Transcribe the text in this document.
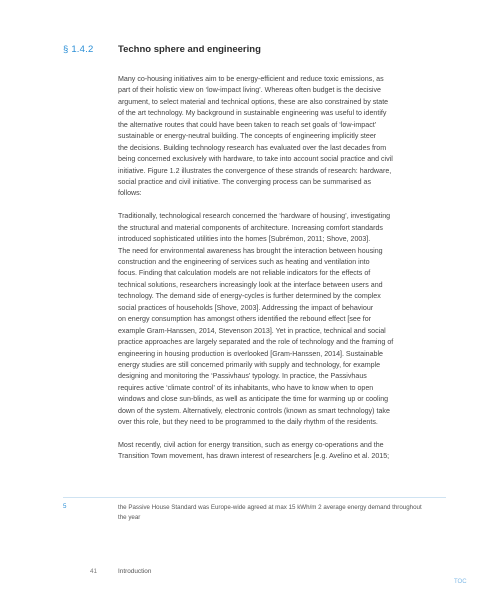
§ 1.4.2	Techno sphere and engineering
Many co-housing initiatives aim to be energy-efficient and reduce toxic emissions, as
part of their holistic view on ‘low-impact living’. Whereas often budget is the decisive
argument, to select material and technical options, these are also constrained by state
of the art technology. My background in sustainable engineering was useful to identify
the alternative routes that could have been taken to reach set goals of ‘low-impact’
sustainable or energy-neutral building. The concepts of engineering implicitly steer
the decisions. Building technology research has evaluated over the last decades from
being concerned exclusively with hardware, to take into account social practice and civil
initiative. Figure 1.2 illustrates the convergence of these strands of research: hardware,
social practice and civil initiative. The converging process can be summarised as
follows:
Traditionally, technological research concerned the ‘hardware of housing’, investigating
the structural and material components of architecture. Increasing comfort standards
introduced sophisticated utilities into the homes [Subrémon, 2011; Shove, 2003].
The need for environmental awareness has brought the interaction between housing
construction and the engineering of services such as heating and ventilation into
focus. Finding that calculation models are not reliable indicators for the effects of
technical solutions, researchers increasingly look at the interface between users and
technology. The demand side of energy-cycles is further determined by the complex
social practices of households [Shove, 2003]. Addressing the impact of behaviour
on energy consumption has amongst others identified the rebound effect [see for
example Gram-Hanssen, 2014, Stevenson 2013]. Yet in practice, technical and social
practice approaches are largely separated and the role of technology and the framing of
engineering in housing production is overlooked [Gram-Hanssen, 2014]. Sustainable
energy studies are still concerned primarily with supply and technology, for example
designing and monitoring the ‘Passivhaus’ typology. In practice, the Passivhaus
requires active ‘climate control’ of its inhabitants, who have to know when to open
windows and close sun-blinds, as well as anticipate the time for warming up or cooling
down of the system. Alternatively, electronic controls (known as smart technology) take
over this role, but they need to be programmed to the daily rhythm of the residents.
Most recently, civil action for energy transition, such as energy co-operations and the
Transition Town movement, has drawn interest of researchers [e.g. Avelino et al. 2015;
5	the Passive House Standard was Europe-wide agreed at max 15 kWh/m 2 average energy demand throughout
the year
41	Introduction
TOC
